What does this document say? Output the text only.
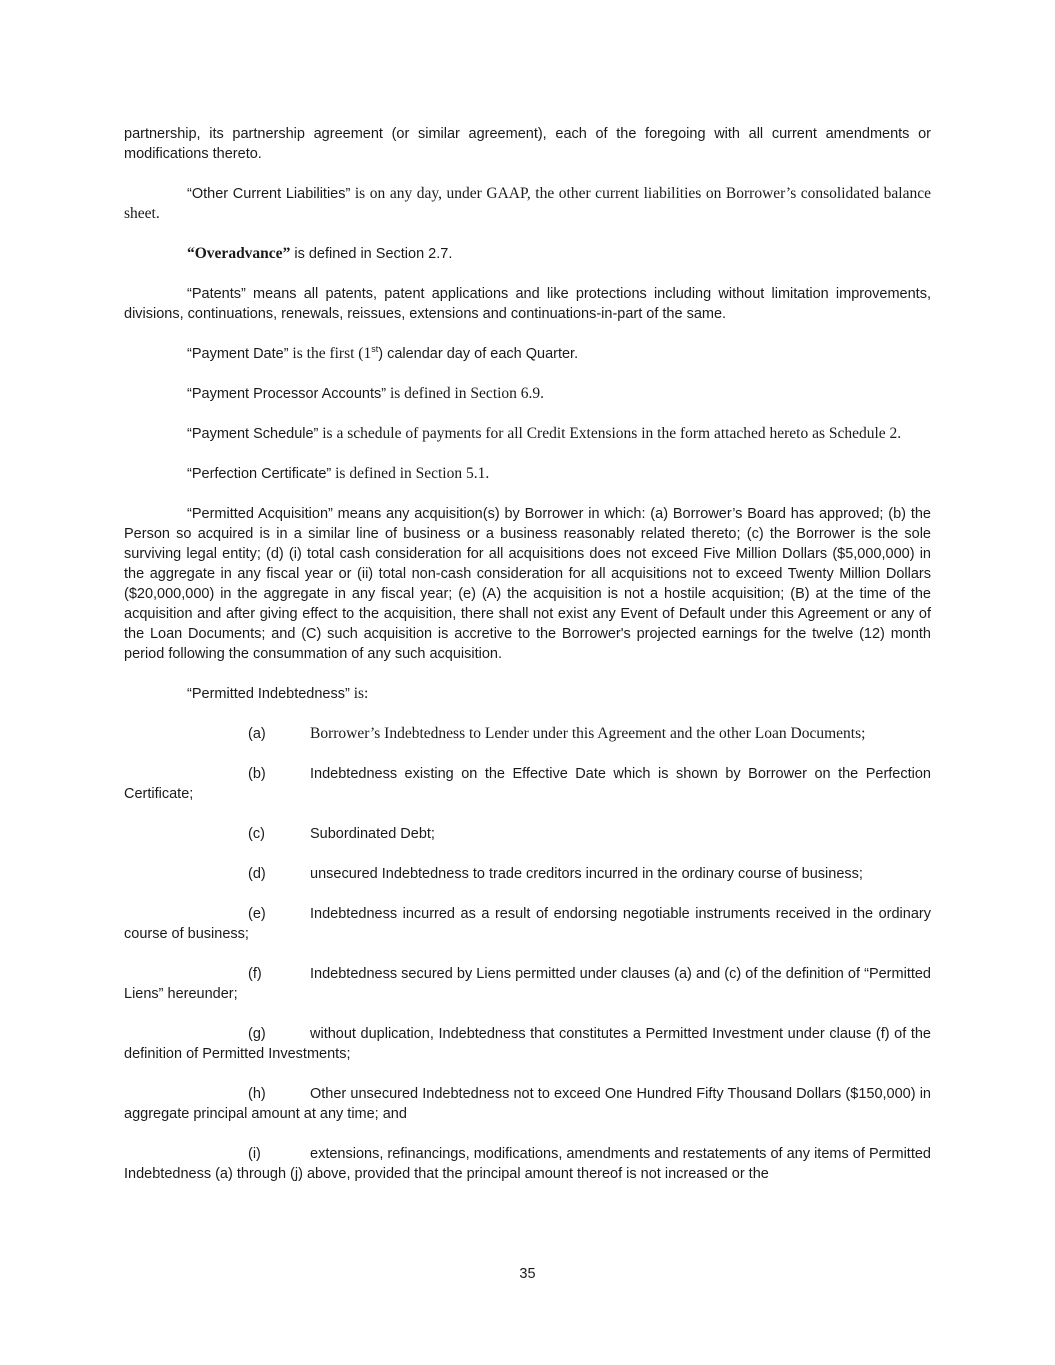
partnership, its partnership agreement (or similar agreement), each of the foregoing with all current amendments or modifications thereto.

“Other Current Liabilities” is on any day, under GAAP, the other current liabilities on Borrower’s consolidated balance sheet.

“Overadvance” is defined in Section 2.7.

“Patents” means all patents, patent applications and like protections including without limitation improvements, divisions, continuations, renewals, reissues, extensions and continuations-in-part of the same.

“Payment Date” is the first (1st) calendar day of each Quarter.

“Payment Processor Accounts” is defined in Section 6.9.

“Payment Schedule” is a schedule of payments for all Credit Extensions in the form attached hereto as Schedule 2.

“Perfection Certificate” is defined in Section 5.1.

“Permitted Acquisition” means any acquisition(s) by Borrower in which: (a) Borrower’s Board has approved; (b) the Person so acquired is in a similar line of business or a business reasonably related thereto; (c) the Borrower is the sole surviving legal entity; (d) (i) total cash consideration for all acquisitions does not exceed Five Million Dollars ($5,000,000) in the aggregate in any fiscal year or (ii) total non-cash consideration for all acquisitions not to exceed Twenty Million Dollars ($20,000,000) in the aggregate in any fiscal year; (e) (A) the acquisition is not a hostile acquisition; (B) at the time of the acquisition and after giving effect to the acquisition, there shall not exist any Event of Default under this Agreement or any of the Loan Documents; and (C) such acquisition is accretive to the Borrower's projected earnings for the twelve (12) month period following the consummation of any such acquisition.

“Permitted Indebtedness” is:

(a)	Borrower’s Indebtedness to Lender under this Agreement and the other Loan Documents;

(b)	Indebtedness existing on the Effective Date which is shown by Borrower on the Perfection Certificate;

(c)	Subordinated Debt;

(d)	unsecured Indebtedness to trade creditors incurred in the ordinary course of business;

(e)	Indebtedness incurred as a result of endorsing negotiable instruments received in the ordinary course of business;

(f)	Indebtedness secured by Liens permitted under clauses (a) and (c) of the definition of “Permitted Liens” hereunder;

(g)	without duplication, Indebtedness that constitutes a Permitted Investment under clause (f) of the definition of Permitted Investments;

(h)	Other unsecured Indebtedness not to exceed One Hundred Fifty Thousand Dollars ($150,000) in aggregate principal amount at any time; and

(i)	extensions, refinancings, modifications, amendments and restatements of any items of Permitted Indebtedness (a) through (j) above, provided that the principal amount thereof is not increased or the

35
